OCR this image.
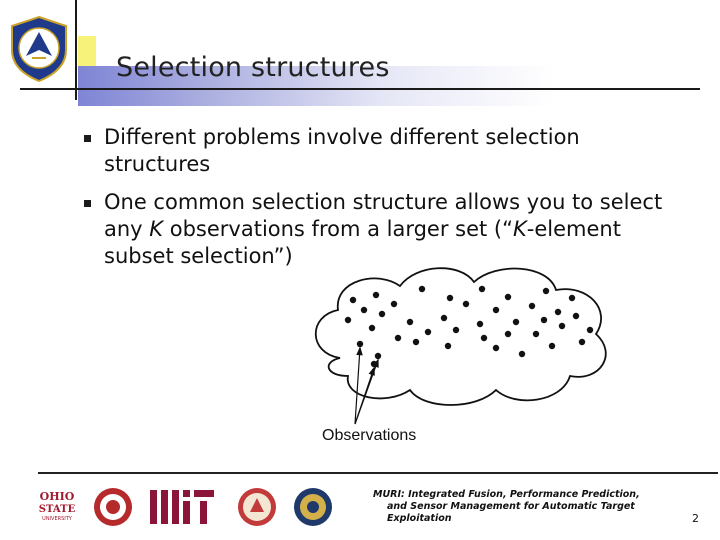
Selection structures
Different problems involve different selection structures
One common selection structure allows you to select any K observations from a larger set (“K-element subset selection”)
Observations
OHIO
STATE
UNIVERSITY
MURI: Integrated Fusion, Performance Prediction,
and Sensor Management for Automatic Target
Exploitation	2
